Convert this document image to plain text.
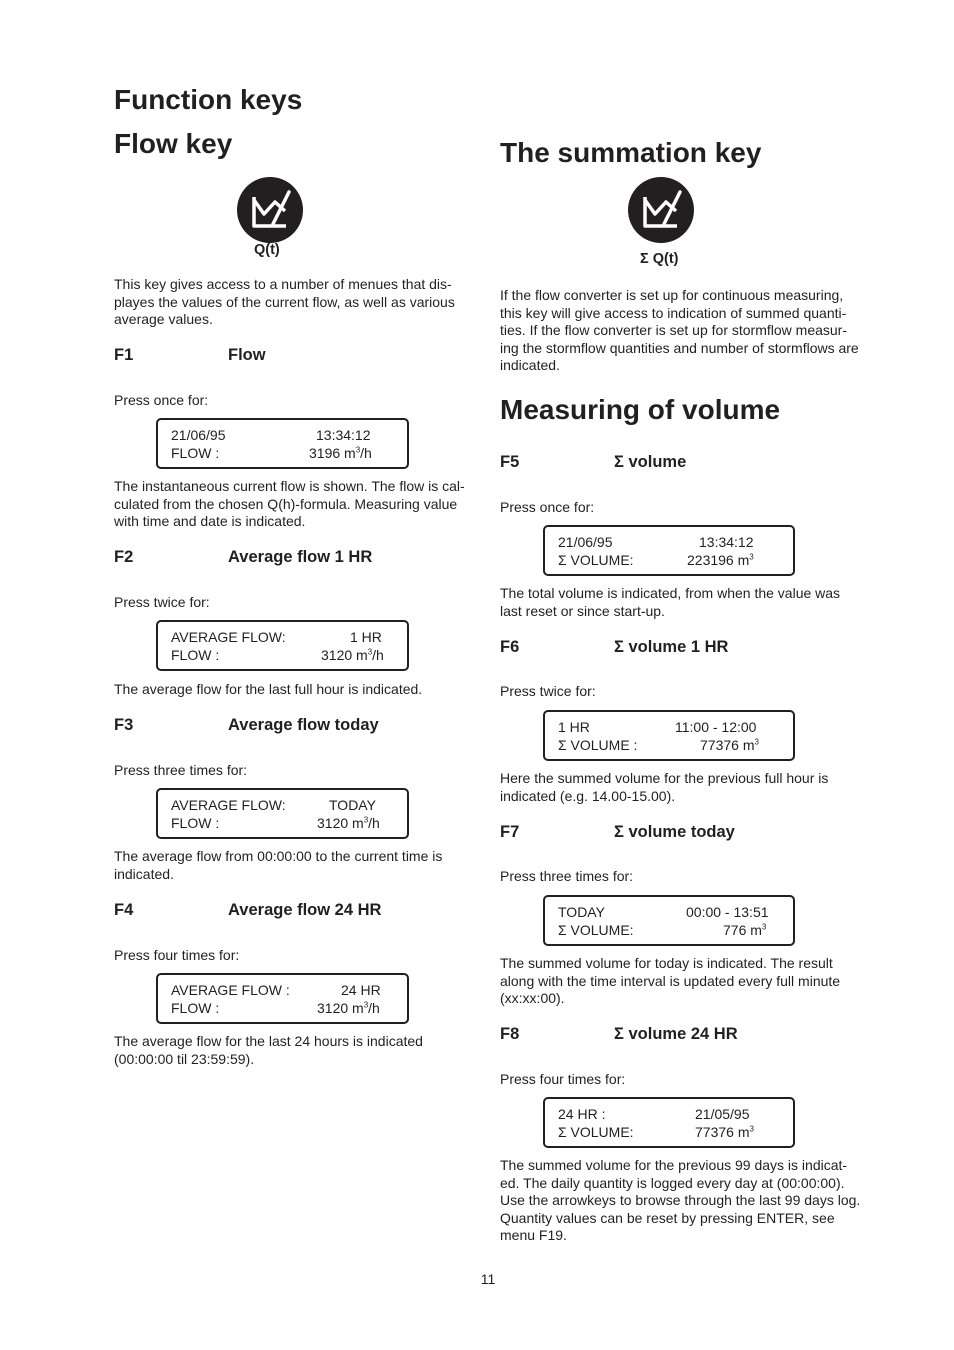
Function keys
Flow key
Q(t)
This key gives access to a number of menues that dis-playes the values of the current flow, as well as various average values.
F1	Flow
Press once for:
21/06/95	13:34:12
FLOW :	3196 $m^3/h$
The instantaneous current flow is shown. The flow is cal-culated from the chosen Q(h)-formula. Measuring value with time and date is indicated.
F2	Average flow 1 HR
Press twice for:
AVERAGE FLOW:	1 HR
FLOW :	3120 $m^3/h$
The average flow for the last full hour is indicated.
F3	Average flow today
Press three times for:
AVERAGE FLOW:	TODAY
FLOW :	3120 $m^3/h$
The average flow from 00:00:00 to the current time is indicated.
F4	Average flow 24 HR
Press four times for:
AVERAGE FLOW :	24 HR
FLOW :	3120 $m^3/h$
The average flow for the last 24 hours is indicated (00:00:00 til 23:59:59).
The summation key
Σ Q(t)
If the flow converter is set up for continuous measuring, this key will give access to indication of summed quanti-ties. If the flow converter is set up for stormflow measur-ing the stormflow quantities and number of stormflows are indicated.
Measuring of volume
F5	Σ volume
Press once for:
21/06/95	13:34:12
Σ VOLUME:	223196 $m^3$
The total volume is indicated, from when the value was last reset or since start-up.
F6	Σ volume 1 HR
Press twice for:
1 HR	11:00 - 12:00
Σ VOLUME :	77376 $m^3$
Here the summed volume for the previous full hour is indicated (e.g. 14.00-15.00).
F7	Σ volume today
Press three times for:
TODAY	00:00 - 13:51
Σ VOLUME:	776 $m^3$
The summed volume for today is indicated. The result along with the time interval is updated every full minute (xx:xx:00).
F8	Σ volume 24 HR
Press four times for:
24 HR :	21/05/95
Σ VOLUME:	77376 $m^3$
The summed volume for the previous 99 days is indicat-ed. The daily quantity is logged every day at (00:00:00). Use the arrowkeys to browse through the last 99 days log.
Quantity values can be reset by pressing ENTER, see menu F19.
11
